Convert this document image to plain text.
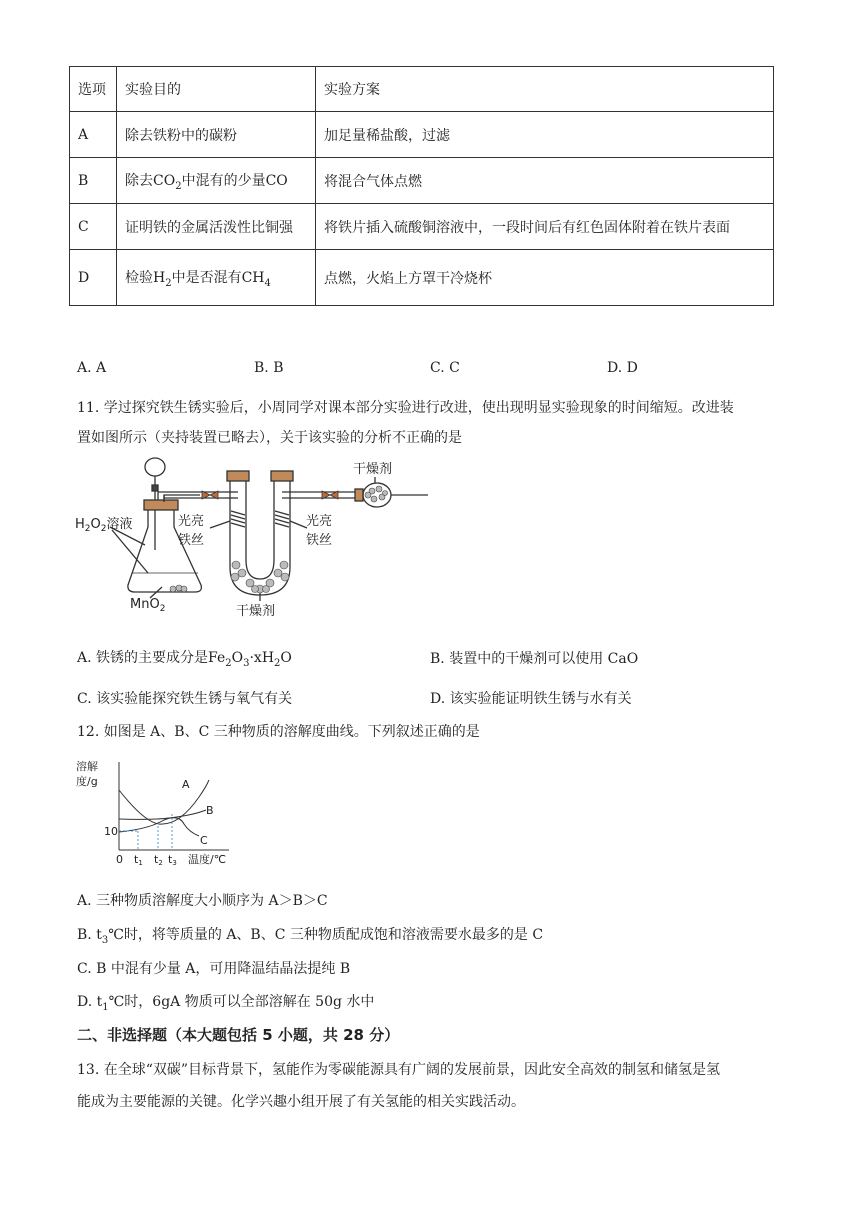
选项	实验目的	实验方案
A	除去铁粉中的碳粉	加足量稀盐酸，过滤
B	除去$CO_2$中混有的少量CO	将混合气体点燃
C	证明铁的金属活泼性比铜强	将铁片插入硫酸铜溶液中，一段时间后有红色固体附着在铁片表面
D	检验$H_2$中是否混有$CH_4$	点燃，火焰上方罩干冷烧杯
A. A	B. B	C. C	D. D
11. 学过探究铁生锈实验后，小周同学对课本部分实验进行改进，使出现明显实验现象的时间缩短。改进装
置如图所示（夹持装置已略去），关于该实验的分析不正确的是
$H_2O_2$溶液
MnO$_2$
光亮
铁丝
光亮
铁丝
干燥剂
干燥剂
A. 铁锈的主要成分是$Fe_2O_3\cdot xH_2O$	B. 装置中的干燥剂可以使用 CaO
C. 该实验能探究铁生锈与氧气有关	D. 该实验能证明铁生锈与水有关
12. 如图是 A、B、C 三种物质的溶解度曲线。下列叙述正确的是
溶解
度/g
10
0 t1 t2 t3 温度/℃
A
B
C
A. 三种物质溶解度大小顺序为 A＞B＞C
B. $t_3℃$时，将等质量的 A、B、C 三种物质配成饱和溶液需要水最多的是 C
C. B 中混有少量 A，可用降温结晶法提纯 B
D. $t_1℃$时，6gA 物质可以全部溶解在 50g 水中
二、非选择题（本大题包括 5 小题，共 28 分）
13. 在全球“双碳”目标背景下，氢能作为零碳能源具有广阔的发展前景，因此安全高效的制氢和储氢是氢
能成为主要能源的关键。化学兴趣小组开展了有关氢能的相关实践活动。
